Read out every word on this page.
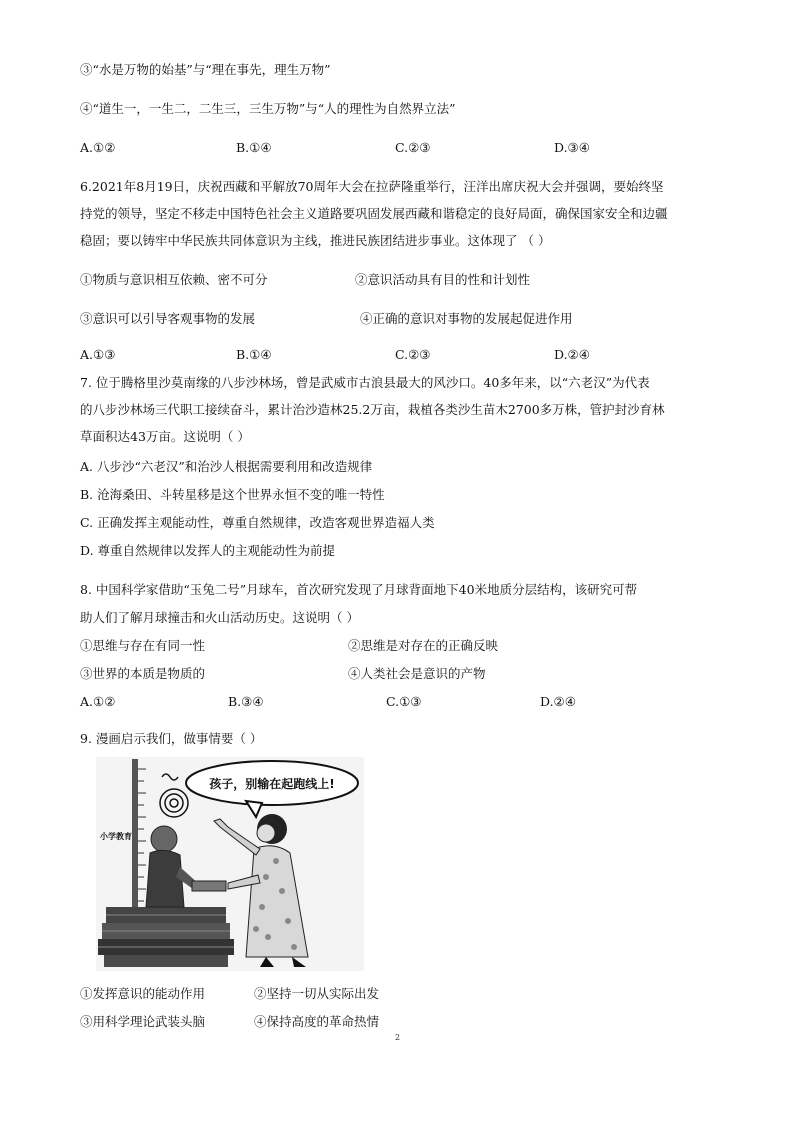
③“水是万物的始基”与“理在事先，理生万物”
④“道生一，一生二，二生三，三生万物”与“人的理性为自然界立法”
A.①②	B.①④	C.②③	D.③④
6.2021年8月19日，庆祝西藏和平解放70周年大会在拉萨隆重举行，汪洋出席庆祝大会并强调，要始终坚
持党的领导，坚定不移走中国特色社会主义道路要巩固发展西藏和谐稳定的良好局面，确保国家安全和边疆
稳固；要以铸牢中华民族共同体意识为主线，推进民族团结进步事业。这体现了 （ ）
①物质与意识相互依赖、密不可分	②意识活动具有目的性和计划性
③意识可以引导客观事物的发展	④正确的意识对事物的发展起促进作用
A.①③	B.①④	C.②③	D.②④
7. 位于腾格里沙莫南缘的八步沙林场，曾是武威市古浪县最大的风沙口。40多年来，以“六老汉”为代表
的八步沙林场三代职工接续奋斗，累计治沙造林25.2万亩，栽植各类沙生苗木2700多万株，管护封沙育林
草面积达43万亩。这说明（ ）
A. 八步沙“六老汉”和治沙人根据需要利用和改造规律
B. 沧海桑田、斗转星移是这个世界永恒不变的唯一特性
C. 正确发挥主观能动性，尊重自然规律，改造客观世界造福人类
D. 尊重自然规律以发挥人的主观能动性为前提
8. 中国科学家借助“玉兔二号”月球车，首次研究发现了月球背面地下40米地质分层结构，该研究可帮
助人们了解月球撞击和火山活动历史。这说明（ ）
①思维与存在有同一性	②思维是对存在的正确反映
③世界的本质是物质的	④人类社会是意识的产物
A.①②	B.③④	C.①③	D.②④
9. 漫画启示我们，做事情要（ ）
孩子，别输在起跑线上!
小学教育
①发挥意识的能动作用	②坚持一切从实际出发
③用科学理论武装头脑	④保持高度的革命热情
2
